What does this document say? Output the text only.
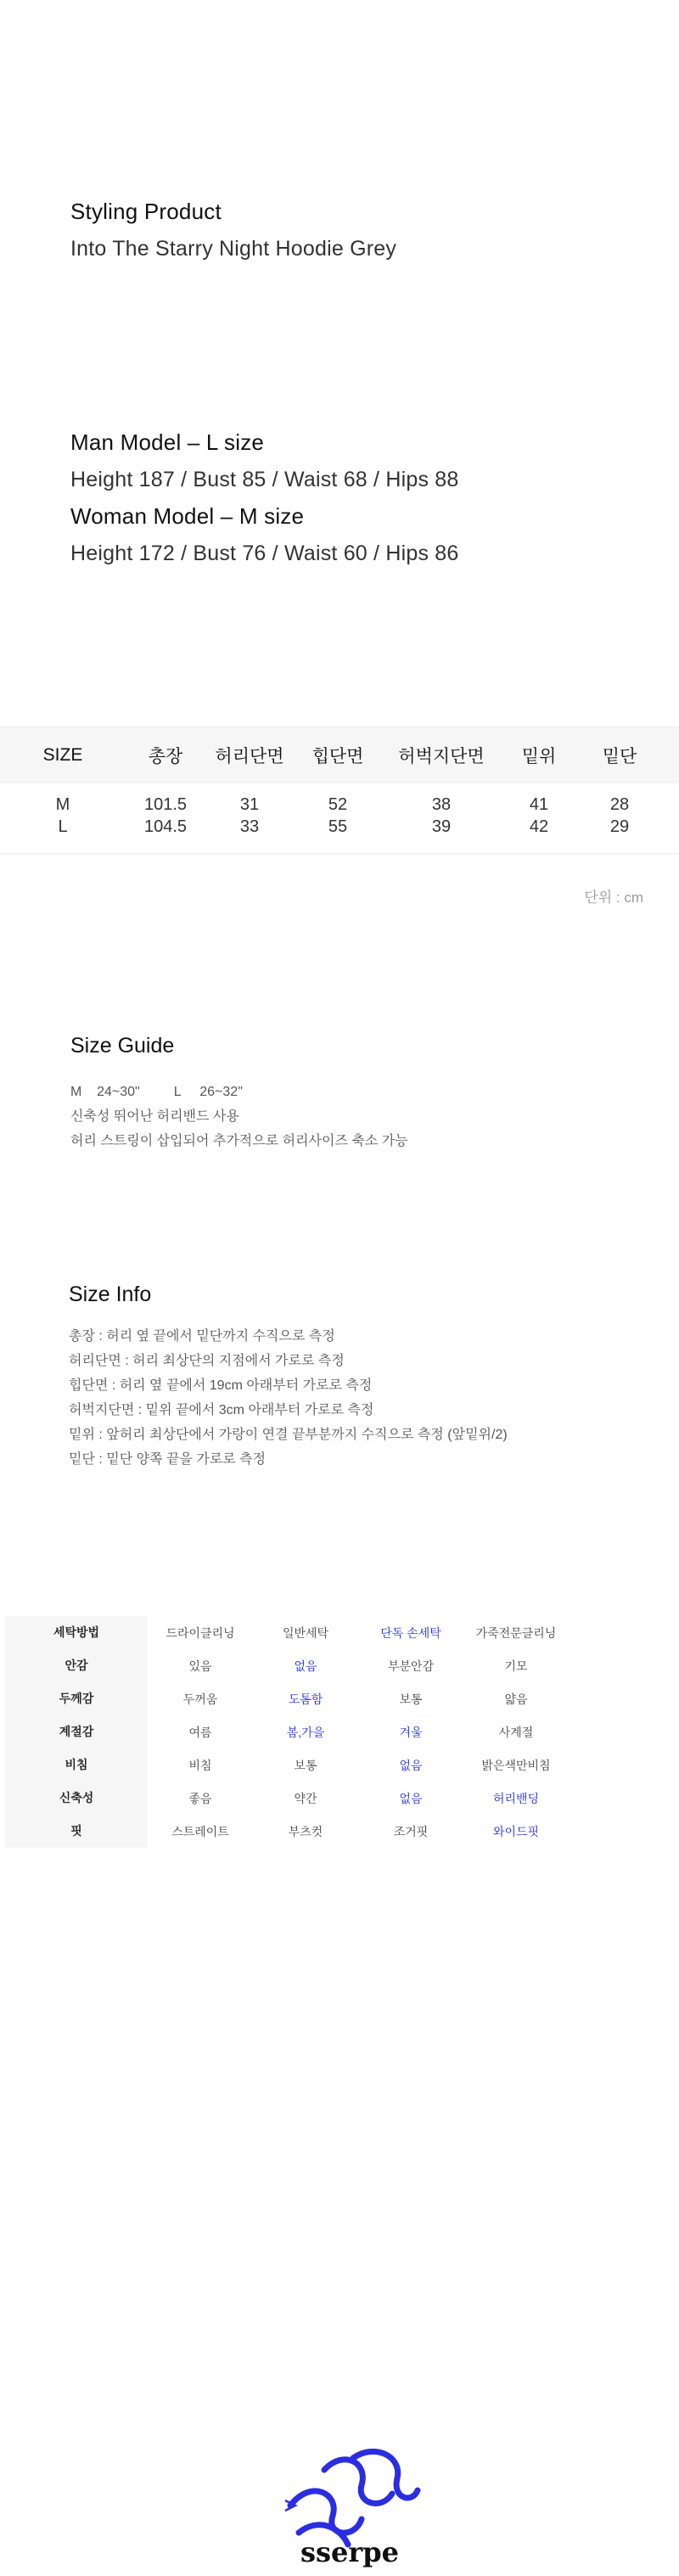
Styling Product
Into The Starry Night Hoodie Grey
Man Model – L size
Height 187 / Bust 85 / Waist 68 / Hips 88
Woman Model – M size
Height 172 / Bust 76 / Waist 60 / Hips 86
SIZE	총장	허리단면	힙단면	허벅지단면	밑위	밑단
M	101.5	31	52	38	41	28
L	104.5	33	55	39	42	29
단위 : cm
Size Guide
M    24~30"         L     26~32"
신축성 뛰어난 허리밴드 사용
허리 스트링이 삽입되어 추가적으로 허리사이즈 축소 가능
Size Info
총장 : 허리 옆 끝에서 밑단까지 수직으로 측정
허리단면 : 허리 최상단의 지점에서 가로로 측정
힙단면 : 허리 옆 끝에서 19cm 아래부터 가로로 측정
허벅지단면 : 밑위 끝에서 3cm 아래부터 가로로 측정
밑위 : 앞허리 최상단에서 가랑이 연결 끝부분까지 수직으로 측정 (앞밑위/2)
밑단 : 밑단 양쪽 끝을 가로로 측정
세탁방법	드라이클리닝	일반세탁	단독 손세탁	가죽전문클리닝
안감	있음	없음	부분안감	기모
두께감	두꺼움	도톰함	보통	얇음
계절감	여름	봄,가을	겨울	사계절
비침	비침	보통	없음	밝은색만비침
신축성	좋음	약간	없음	허리밴딩
핏	스트레이트	부츠컷	조거핏	와이드핏
sserpe
